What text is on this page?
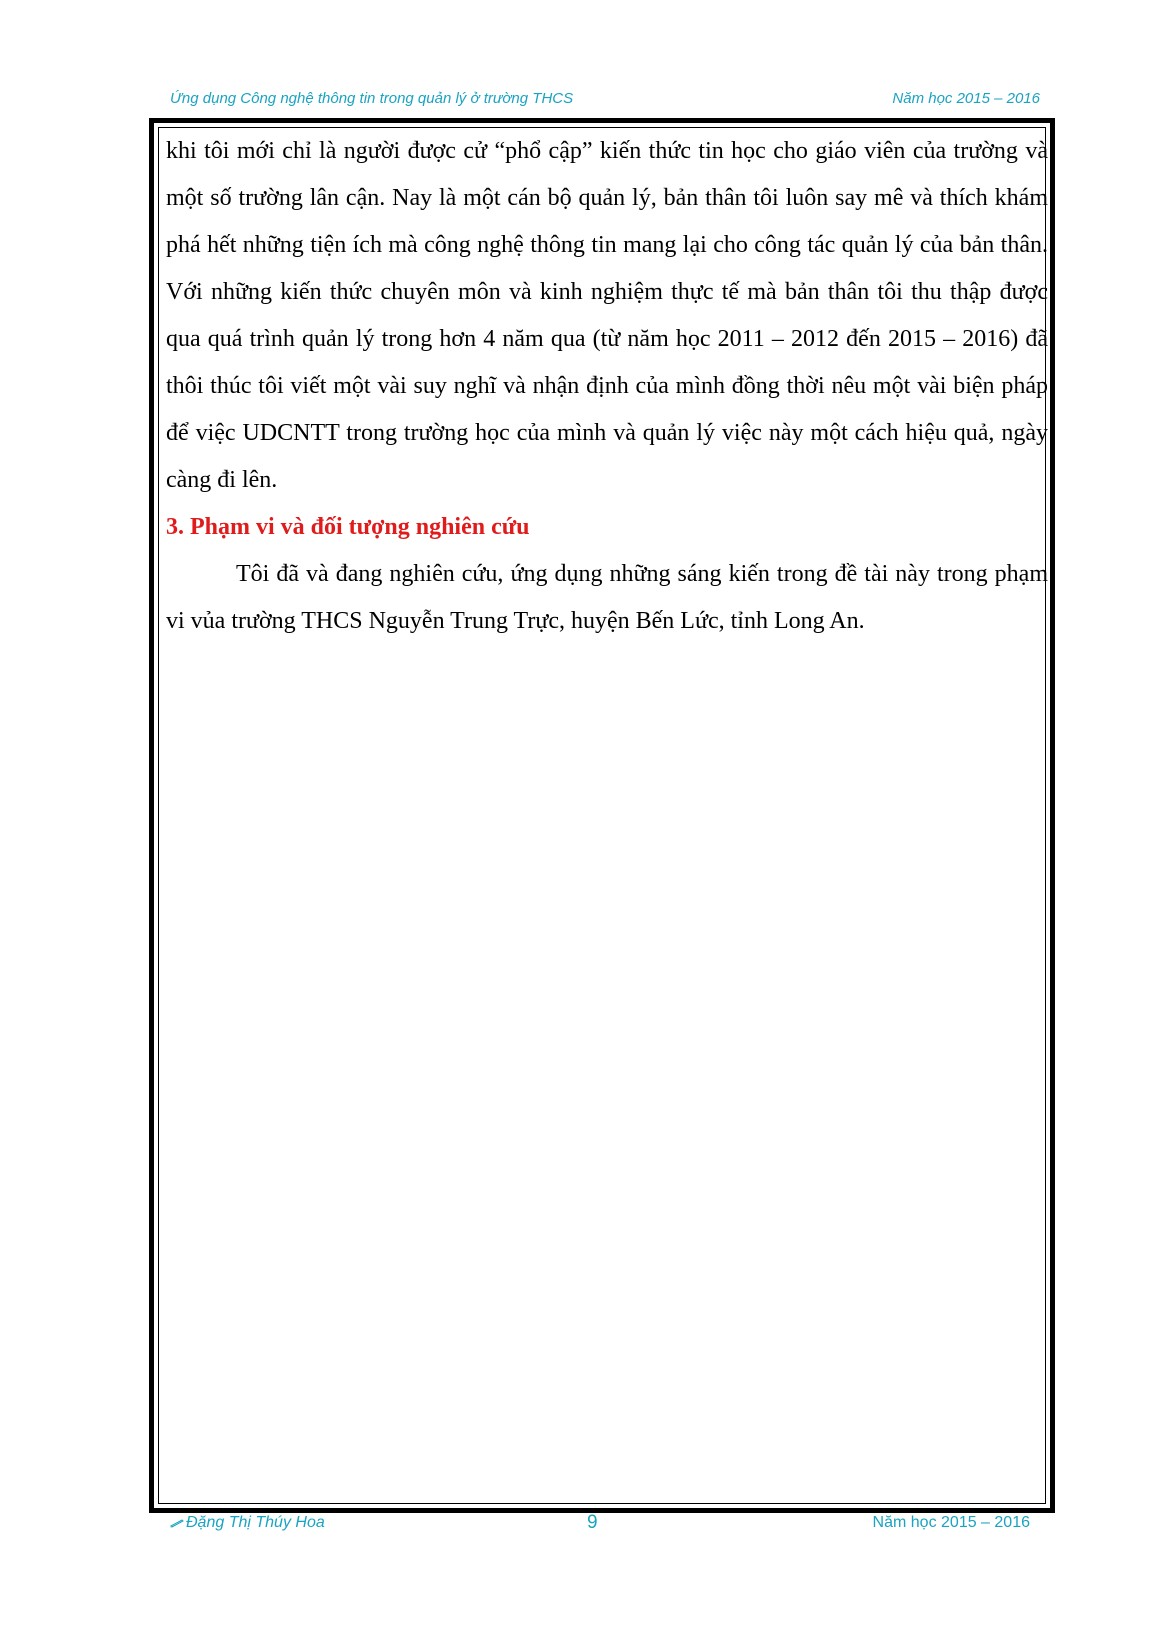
Ứng dụng Công nghệ thông tin trong quản lý ở trường THCS	Năm học 2015 – 2016

khi tôi mới chỉ là người được cử “phổ cập” kiến thức tin học cho giáo viên của trường và một số trường lân cận. Nay là một cán bộ quản lý, bản thân tôi luôn say mê và thích khám phá hết những tiện ích mà công nghệ thông tin mang lại cho công tác quản lý của bản thân. Với những kiến thức chuyên môn và kinh nghiệm thực tế mà bản thân tôi thu thập được qua quá trình quản lý trong hơn 4 năm qua (từ năm học 2011 – 2012 đến 2015 – 2016) đã thôi thúc tôi viết một vài suy nghĩ và nhận định của mình đồng thời nêu một vài biện pháp để việc UDCNTT trong trường học của mình và quản lý việc này một cách hiệu quả, ngày càng đi lên.

3. Phạm vi và đối tượng nghiên cứu

Tôi đã và đang nghiên cứu, ứng dụng những sáng kiến trong đề tài này trong phạm vi vủa trường THCS Nguyễn Trung Trực, huyện Bến Lức, tỉnh Long An.

Đặng Thị Thúy Hoa	9	Năm học 2015 – 2016
